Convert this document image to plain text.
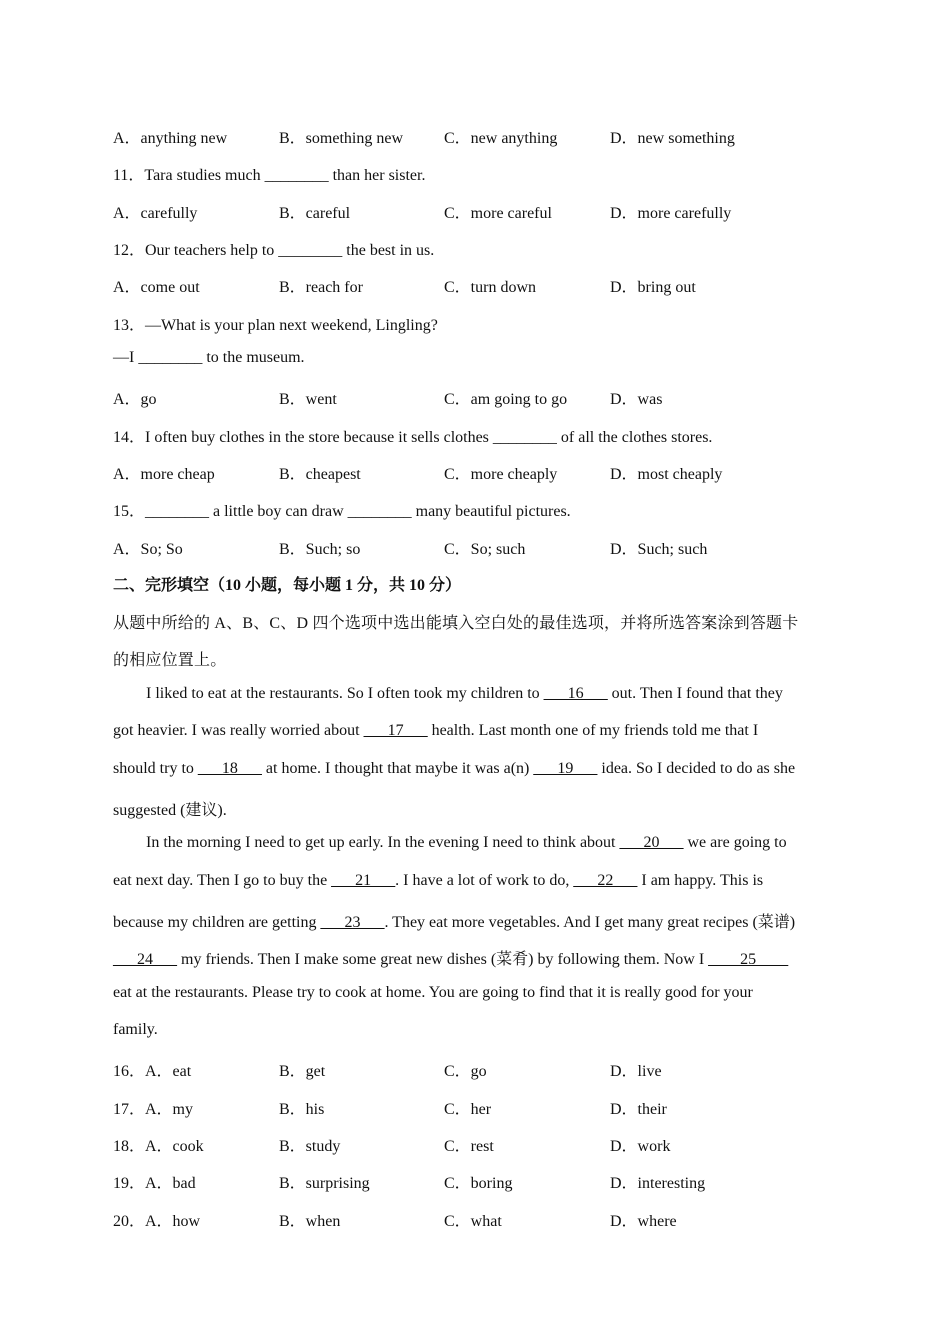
A．anything new	B．something new	C．new anything	D．new something
11．Tara studies much ________ than her sister.
A．carefully	B．careful	C．more careful	D．more carefully
12．Our teachers help to ________ the best in us.
A．come out	B．reach for	C．turn down	D．bring out
13．—What is your plan next weekend, Lingling?
—I ________ to the museum.
A．go	B．went	C．am going to go	D．was
14．I often buy clothes in the store because it sells clothes ________ of all the clothes stores.
A．more cheap	B．cheapest	C．more cheaply	D．most cheaply
15．________ a little boy can draw ________ many beautiful pictures.
A．So; So	B．Such; so	C．So; such	D．Such; such
二、完形填空（10 小题，每小题 1 分，共 10 分）
从题中所给的 A、B、C、D 四个选项中选出能填入空白处的最佳选项，并将所选答案涂到答题卡
的相应位置上。
I liked to eat at the restaurants. So I often took my children to ___16___ out. Then I found that they
got heavier. I was really worried about ___17___ health. Last month one of my friends told me that I
should try to ___18___ at home. I thought that maybe it was a(n) ___19___ idea. So I decided to do as she
suggested (建议).
In the morning I need to get up early. In the evening I need to think about ___20___ we are going to
eat next day. Then I go to buy the ___21___. I have a lot of work to do, ___22___ I am happy. This is
because my children are getting ___23___. They eat more vegetables. And I get many great recipes (菜谱)
___24___ my friends. Then I make some great new dishes (菜肴) by following them. Now I ____25____
eat at the restaurants. Please try to cook at home. You are going to find that it is really good for your
family.
16．A．eat	B．get	C．go	D．live
17．A．my	B．his	C．her	D．their
18．A．cook	B．study	C．rest	D．work
19．A．bad	B．surprising	C．boring	D．interesting
20．A．how	B．when	C．what	D．where
